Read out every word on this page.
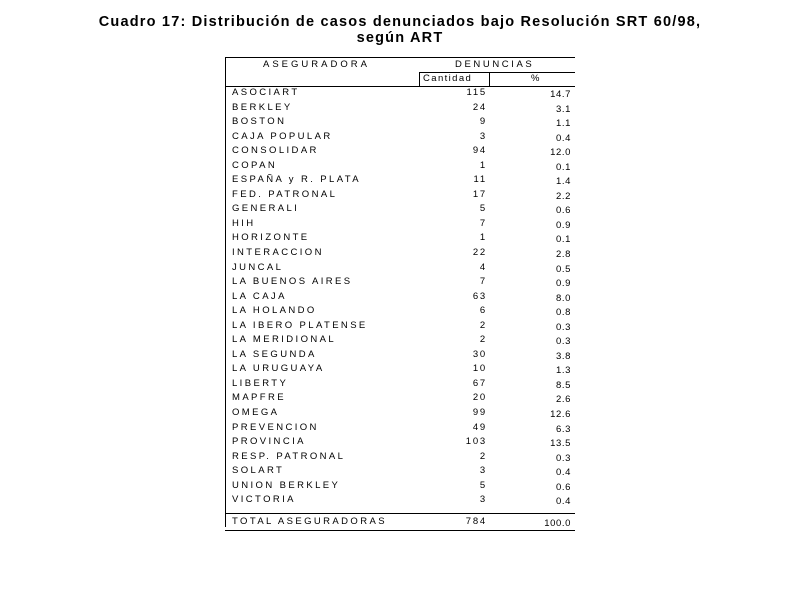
Cuadro 17: Distribución de casos denunciados bajo Resolución SRT 60/98,
según ART
ASEGURADORA	DENUNCIAS
Cantidad	%
ASOCIART	115	14.7
BERKLEY	24	3.1
BOSTON	9	1.1
CAJA POPULAR	3	0.4
CONSOLIDAR	94	12.0
COPAN	1	0.1
ESPAÑA y R. PLATA	11	1.4
FED. PATRONAL	17	2.2
GENERALI	5	0.6
HIH	7	0.9
HORIZONTE	1	0.1
INTERACCION	22	2.8
JUNCAL	4	0.5
LA BUENOS AIRES	7	0.9
LA CAJA	63	8.0
LA HOLANDO	6	0.8
LA IBERO PLATENSE	2	0.3
LA MERIDIONAL	2	0.3
LA SEGUNDA	30	3.8
LA URUGUAYA	10	1.3
LIBERTY	67	8.5
MAPFRE	20	2.6
OMEGA	99	12.6
PREVENCION	49	6.3
PROVINCIA	103	13.5
RESP. PATRONAL	2	0.3
SOLART	3	0.4
UNION BERKLEY	5	0.6
VICTORIA	3	0.4
TOTAL ASEGURADORAS	784	100.0
